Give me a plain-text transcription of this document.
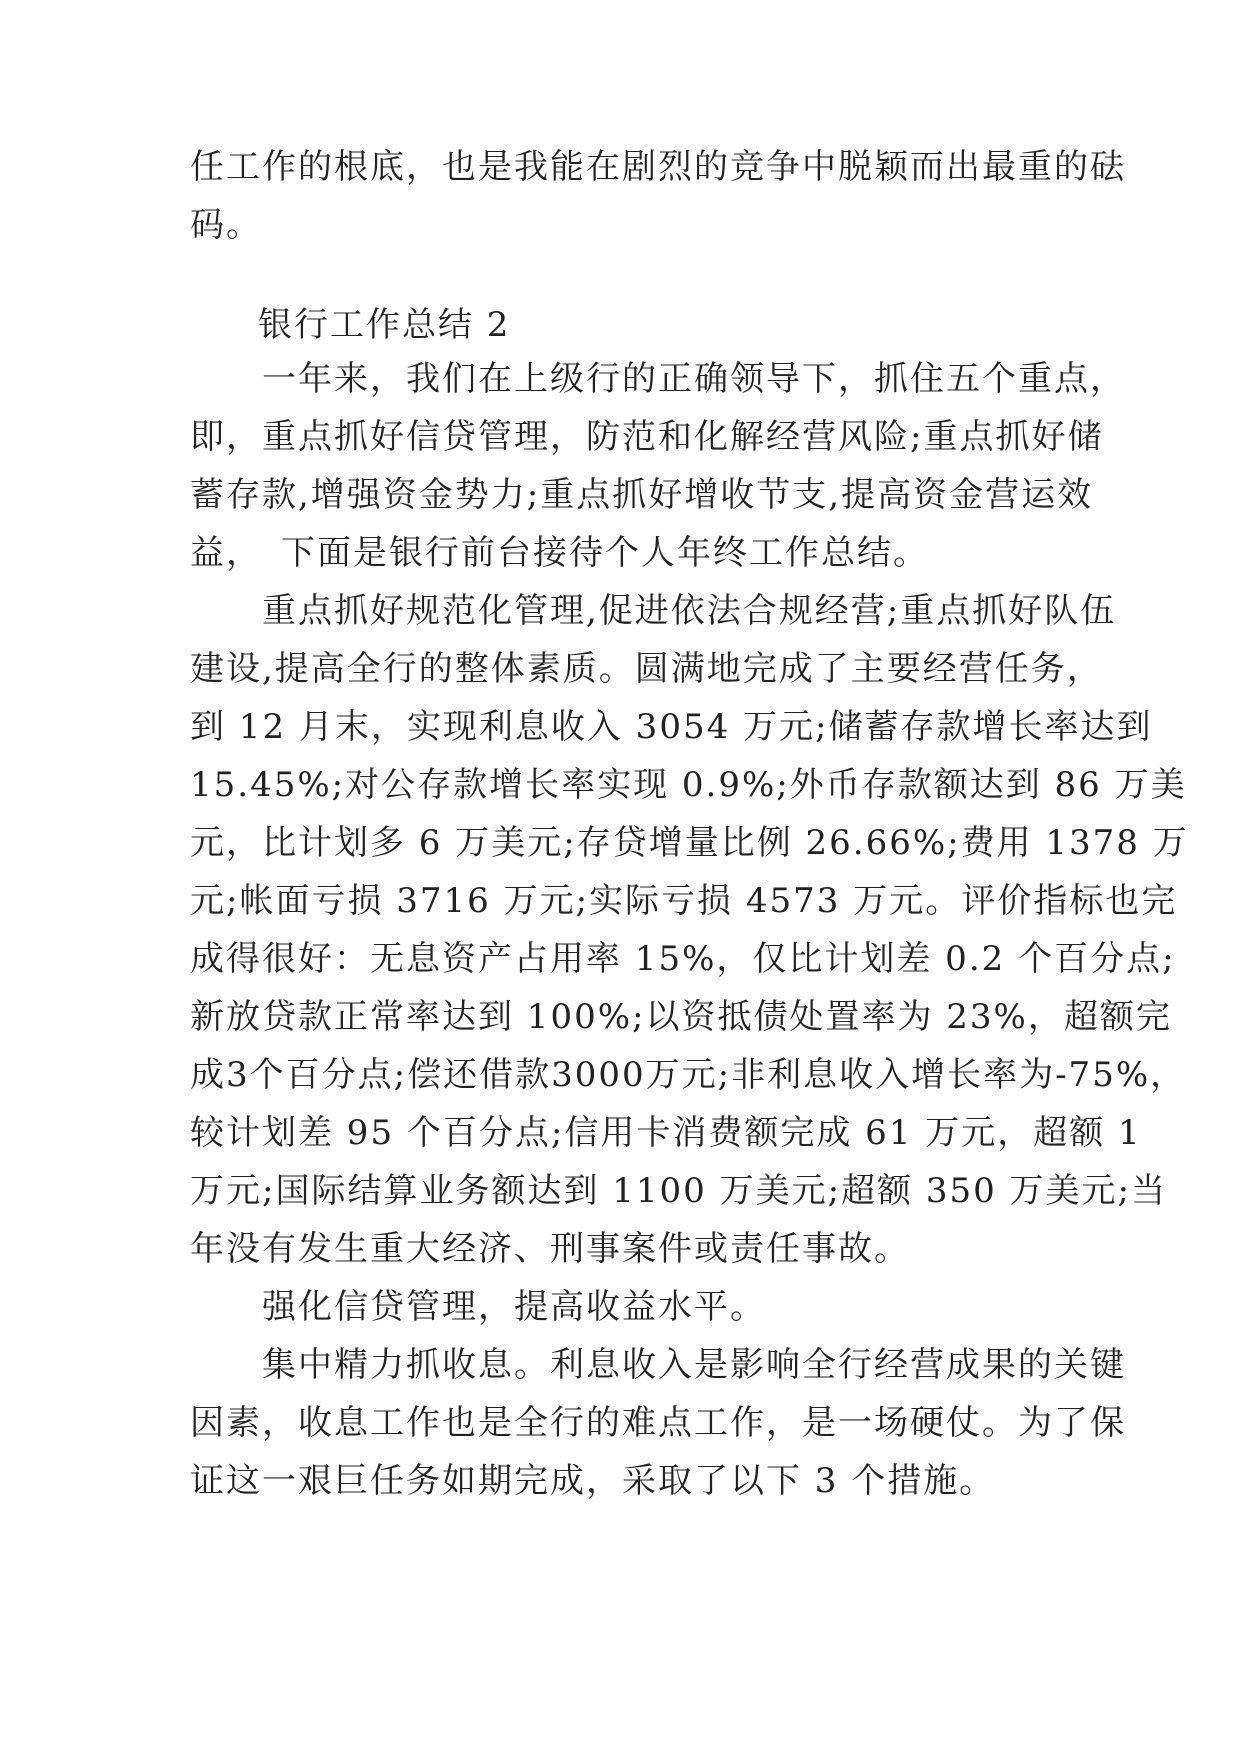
任工作的根底，也是我能在剧烈的竞争中脱颖而出最重的砝
码。
银行工作总结 2
　　一年来，我们在上级行的正确领导下，抓住五个重点，
即，重点抓好信贷管理，防范和化解经营风险;重点抓好储
蓄存款,增强资金势力;重点抓好增收节支,提高资金营运效
益，　下面是银行前台接待个人年终工作总结。
　　重点抓好规范化管理,促进依法合规经营;重点抓好队伍
建设,提高全行的整体素质。圆满地完成了主要经营任务，
到 12 月末，实现利息收入 3054 万元;储蓄存款增长率达到
15.45%;对公存款增长率实现 0.9%;外币存款额达到 86 万美
元，比计划多 6 万美元;存贷增量比例 26.66%;费用 1378 万
元;帐面亏损 3716 万元;实际亏损 4573 万元。评价指标也完
成得很好：无息资产占用率 15%，仅比计划差 0.2 个百分点;
新放贷款正常率达到 100%;以资抵债处置率为 23%，超额完
成3个百分点;偿还借款3000万元;非利息收入增长率为-75%，
较计划差 95 个百分点;信用卡消费额完成 61 万元，超额 1
万元;国际结算业务额达到 1100 万美元;超额 350 万美元;当
年没有发生重大经济、刑事案件或责任事故。
　　强化信贷管理，提高收益水平。
　　集中精力抓收息。利息收入是影响全行经营成果的关键
因素，收息工作也是全行的难点工作，是一场硬仗。为了保
证这一艰巨任务如期完成，采取了以下 3 个措施。
